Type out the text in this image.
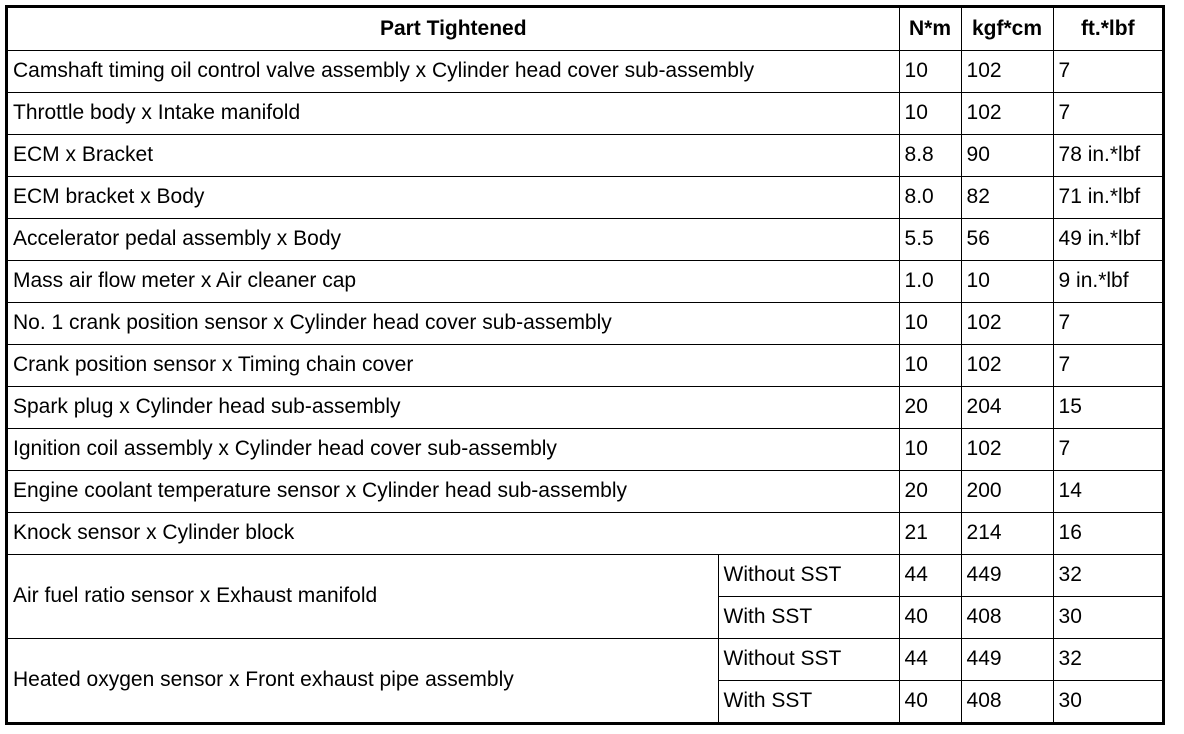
Part Tightened		N*m	kgf*cm	ft.*lbf
Camshaft timing oil control valve assembly x Cylinder head cover sub-assembly		10	102	7
Throttle body x Intake manifold		10	102	7
ECM x Bracket		8.8	90	78 in.*lbf
ECM bracket x Body		8.0	82	71 in.*lbf
Accelerator pedal assembly x Body		5.5	56	49 in.*lbf
Mass air flow meter x Air cleaner cap		1.0	10	9 in.*lbf
No. 1 crank position sensor x Cylinder head cover sub-assembly		10	102	7
Crank position sensor x Timing chain cover		10	102	7
Spark plug x Cylinder head sub-assembly		20	204	15
Ignition coil assembly x Cylinder head cover sub-assembly		10	102	7
Engine coolant temperature sensor x Cylinder head sub-assembly		20	200	14
Knock sensor x Cylinder block		21	214	16
Air fuel ratio sensor x Exhaust manifold	Without SST	44	449	32
	With SST	40	408	30
Heated oxygen sensor x Front exhaust pipe assembly	Without SST	44	449	32
	With SST	40	408	30
